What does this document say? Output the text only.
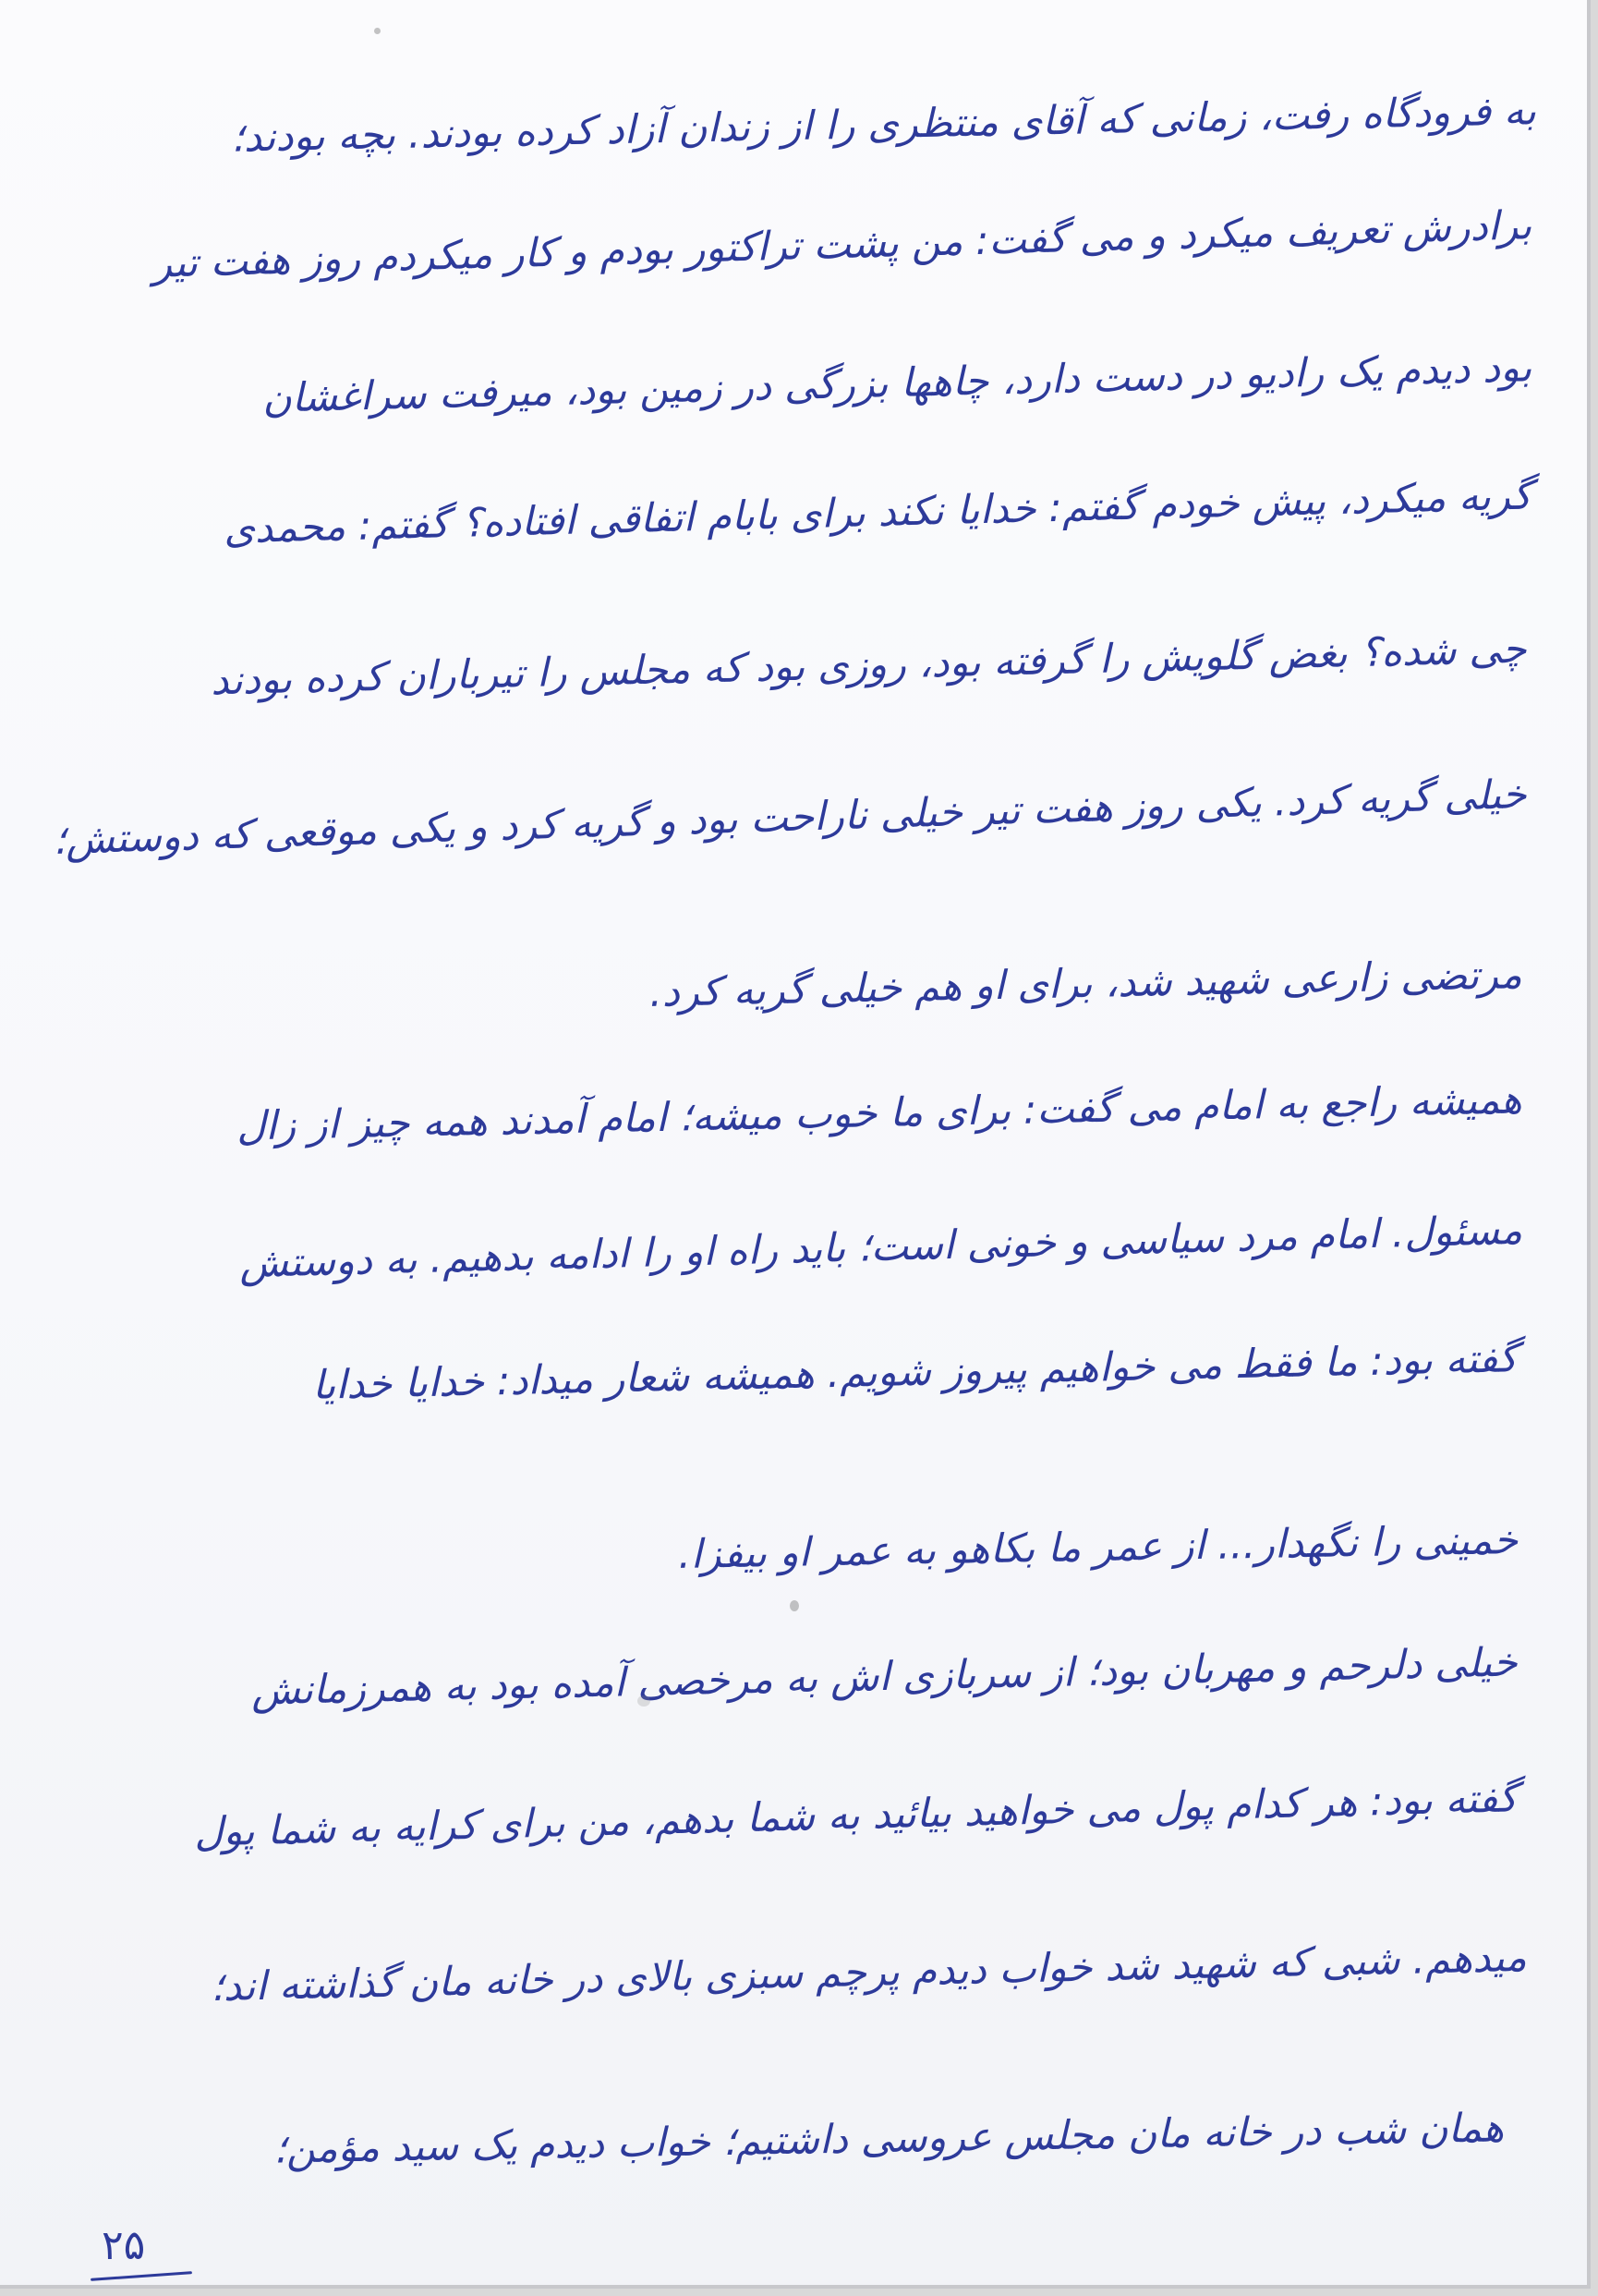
به فرودگاه رفت، زمانی که آقای منتظری را از زندان آزاد کرده بودند. بچه بودند؛
برادرش تعریف میکرد و می گفت: من پشت تراکتور بودم و کار میکردم روز هفت تیر
بود دیدم یک رادیو در دست دارد، چاهها بزرگی در زمین بود، میرفت سراغشان
گریه میکرد، پیش خودم گفتم: خدایا نکند برای بابام اتفاقی افتاده؟ گفتم: محمدی
چی شده؟ بغض گلویش را گرفته بود، روزی بود که مجلس را تیرباران کرده بودند
خیلی گریه کرد. یکی روز هفت تیر خیلی ناراحت بود و گریه کرد و یکی موقعی که دوستش؛
مرتضی زارعی شهید شد، برای او هم خیلی گریه کرد.
همیشه راجع به امام می گفت: برای ما خوب میشه؛ امام آمدند همه چیز از زال
مسئول. امام مرد سیاسی و خونی است؛ باید راه او را ادامه بدهیم. به دوستش
گفته بود: ما فقط می خواهیم پیروز شویم. همیشه شعار میداد: خدایا خدایا
خمینی را نگهدار... از عمر ما بکاهو به عمر او بیفزا.
خیلی دلرحم و مهربان بود؛ از سربازی اش به مرخصی آمده بود به همرزمانش
گفته بود: هر کدام پول می خواهید بیائید به شما بدهم، من برای کرایه به شما پول
میدهم. شبی که شهید شد خواب دیدم پرچم سبزی بالای در خانه مان گذاشته اند؛
همان شب در خانه مان مجلس عروسی داشتیم؛ خواب دیدم یک سید مؤمن؛
۲۵
